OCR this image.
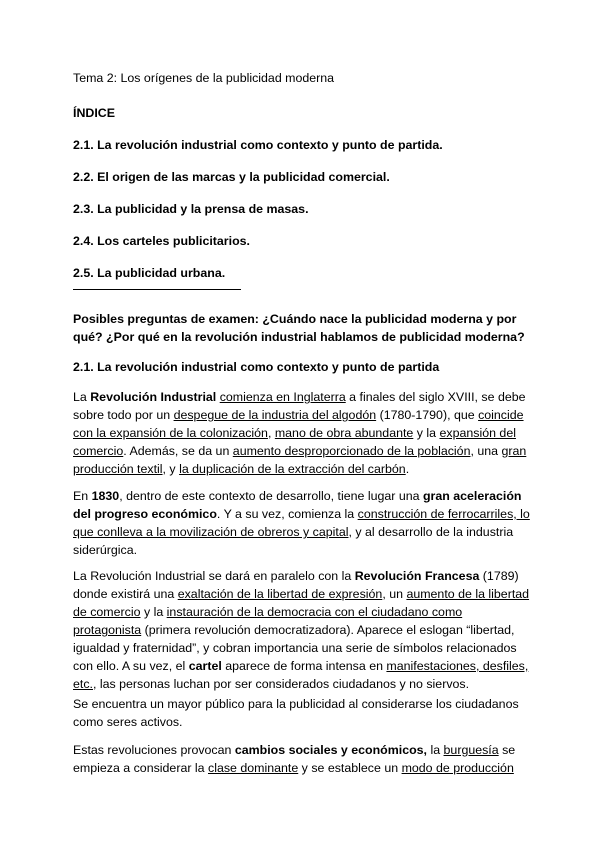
Tema 2: Los orígenes de la publicidad moderna

ÍNDICE

2.1. La revolución industrial como contexto y punto de partida.

2.2. El origen de las marcas y la publicidad comercial.

2.3. La publicidad y la prensa de masas.

2.4. Los carteles publicitarios.

2.5. La publicidad urbana.

Posibles preguntas de examen: ¿Cuándo nace la publicidad moderna y por qué? ¿Por qué en la revolución industrial hablamos de publicidad moderna?

2.1. La revolución industrial como contexto y punto de partida

La Revolución Industrial comienza en Inglaterra a finales del siglo XVIII, se debe sobre todo por un despegue de la industria del algodón (1780-1790), que coincide con la expansión de la colonización, mano de obra abundante y la expansión del comercio. Además, se da un aumento desproporcionado de la población, una gran producción textil, y la duplicación de la extracción del carbón.

En 1830, dentro de este contexto de desarrollo, tiene lugar una gran aceleración del progreso económico. Y a su vez, comienza la construcción de ferrocarriles, lo que conlleva a la movilización de obreros y capital, y al desarrollo de la industria siderúrgica.

La Revolución Industrial se dará en paralelo con la Revolución Francesa (1789) donde existirá una exaltación de la libertad de expresión, un aumento de la libertad de comercio y la instauración de la democracia con el ciudadano como protagonista (primera revolución democratizadora). Aparece el eslogan “libertad, igualdad y fraternidad”, y cobran importancia una serie de símbolos relacionados con ello. A su vez, el cartel aparece de forma intensa en manifestaciones, desfiles, etc., las personas luchan por ser considerados ciudadanos y no siervos.

Se encuentra un mayor público para la publicidad al considerarse los ciudadanos como seres activos.

Estas revoluciones provocan cambios sociales y económicos, la burguesía se empieza a considerar la clase dominante y se establece un modo de producción
